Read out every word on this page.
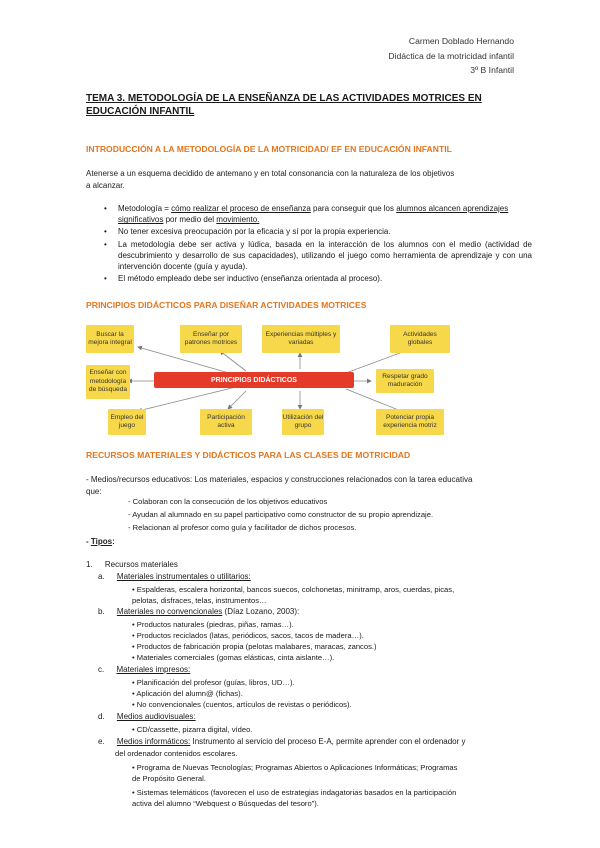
Carmen Doblado Hernando
Didáctica de la motricidad infantil
3º B Infantil
TEMA 3. METODOLOGÍA DE LA ENSEÑANZA DE LAS ACTIVIDADES MOTRICES EN
EDUCACIÓN INFANTIL
INTRODUCCIÓN A LA METODOLOGÍA DE LA MOTRICIDAD/ EF EN EDUCACIÓN INFANTIL
Atenerse a un esquema decidido de antemano y en total consonancia con la naturaleza de los objetivos
a alcanzar.
• Metodología = cómo realizar el proceso de enseñanza para conseguir que los alumnos alcancen aprendizajes significativos por medio del movimiento.
• No tener excesiva preocupación por la eficacia y sí por la propia experiencia.
• La metodología debe ser activa y lúdica, basada en la interacción de los alumnos con el medio (actividad de descubrimiento y desarrollo de sus capacidades), utilizando el juego como herramienta de aprendizaje y con una intervención docente (guía y ayuda).
• El método empleado debe ser inductivo (enseñanza orientada al proceso).
PRINCIPIOS DIDÁCTICOS PARA DISEÑAR ACTIVIDADES MOTRICES
Buscar la mejora integral
Enseñar por patrones motrices
Experiencias múltiples y variadas
Actividades globales
Enseñar con metodología de búsqueda
PRINCIPIOS DIDÁCTICOS
Respetar grado maduración
Empleo del juego
Participación activa
Utilización del grupo
Potenciar propia experiencia motriz
RECURSOS MATERIALES Y DIDÁCTICOS PARA LAS CLASES DE MOTRICIDAD
- Medios/recursos educativos: Los materiales, espacios y construcciones relacionados con la tarea educativa
que:
- Colaboran con la consecución de los objetivos educativos
- Ayudan al alumnado en su papel participativo como constructor de su propio aprendizaje.
- Relacionan al profesor como guía y facilitador de dichos procesos.
- Tipos:
1. Recursos materiales
a. Materiales instrumentales o utilitarios:
• Espalderas, escalera horizontal, bancos suecos, colchonetas, minitramp, aros, cuerdas, picas,
pelotas, disfraces, telas, instrumentos…
b. Materiales no convencionales (Díaz Lozano, 2003):
• Productos naturales (piedras, piñas, ramas…).
• Productos reciclados (latas, periódicos, sacos, tacos de madera…).
• Productos de fabricación propia (pelotas malabares, maracas, zancos.)
• Materiales comerciales (gomas elásticas, cinta aislante…).
c. Materiales impresos:
• Planificación del profesor (guías, libros, UD…).
• Aplicación del alumn@ (fichas).
• No convencionales (cuentos, artículos de revistas o periódicos).
d. Medios audiovisuales:
• CD/cassette, pizarra digital, vídeo.
e. Medios informáticos: Instrumento al servicio del proceso E-A, permite aprender con el ordenador y
del ordenador contenidos escolares.
• Programa de Nuevas Tecnologías; Programas Abiertos o Aplicaciones Informáticas; Programas
de Propósito General.
• Sistemas telemáticos (favorecen el uso de estrategias indagatorias basados en la participación
activa del alumno “Webquest o Búsquedas del tesoro”).
